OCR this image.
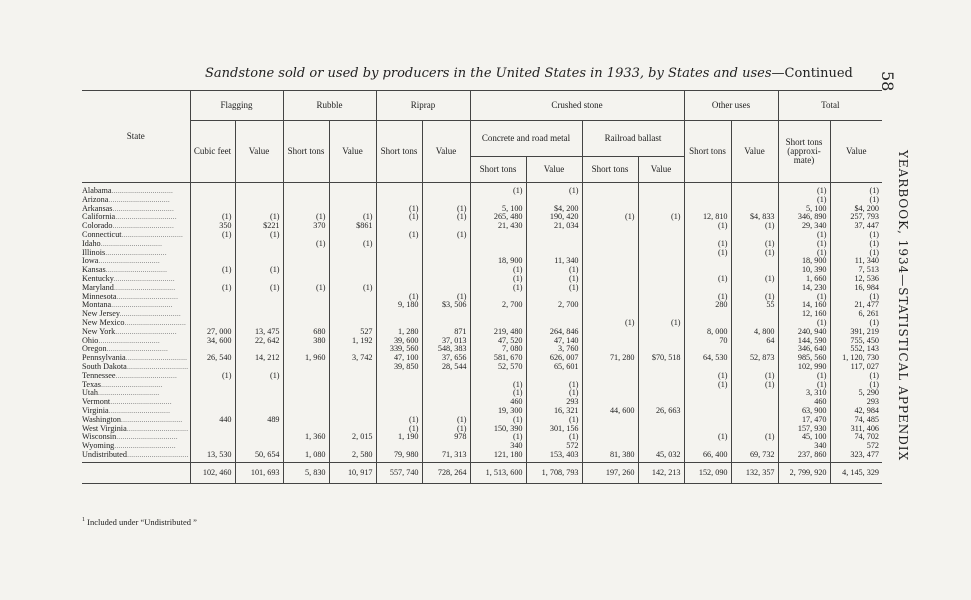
Sandstone sold or used by producers in the United States in 1933, by States and uses—Continued 58
YEARBOOK, 1934—STATISTICAL APPENDIX
State	Flagging		Rubble		Riprap		Crushed stone				Other uses		Total	
	Cubic feet	Value	Short tons	Value	Short tons	Value	Concrete and road metal		Railroad ballast		Short tons	Value	Short tons (approximate)	Value
							Short tons	Value	Short tons	Value				
Alabama..............................							(1)	(1)					(1)	(1)
Arizona..............................													(1)	(1)
Arkansas..............................					(1)	(1)	5, 100	$4, 200					5, 100	$4, 200
California..............................	(1)	(1)	(1)	(1)	(1)	(1)	265, 480	190, 420	(1)	(1)	12, 810	$4, 833	346, 890	257, 793
Colorado..............................	350	$221	370	$861			21, 430	21, 034			(1)	(1)	29, 340	37, 447
Connecticut..............................	(1)	(1)			(1)	(1)							(1)	(1)
Idaho..............................			(1)	(1)							(1)	(1)	(1)	(1)
Illinois..............................											(1)	(1)	(1)	(1)
Iowa..............................							18, 900	11, 340					18, 900	11, 340
Kansas..............................	(1)	(1)					(1)	(1)					10, 390	7, 513
Kentucky..............................							(1)	(1)			(1)	(1)	1, 660	12, 536
Maryland..............................	(1)	(1)	(1)	(1)			(1)	(1)					14, 230	16, 984
Minnesota..............................					(1)	(1)					(1)	(1)	(1)	(1)
Montana..............................					9, 180	$3, 506	2, 700	2, 700			280	55	14, 160	21, 477
New Jersey..............................													12, 160	6, 261
New Mexico..............................									(1)	(1)			(1)	(1)
New York..............................	27, 000	13, 475	680	527	1, 280	871	219, 480	264, 846			8, 000	4, 800	240, 940	391, 219
Ohio..............................	34, 600	22, 642	380	1, 192	39, 600	37, 013	47, 520	47, 140			70	64	144, 590	755, 450
Oregon..............................					339, 560	548, 383	7, 080	3, 760					346, 640	552, 143
Pennsylvania..............................	26, 540	14, 212	1, 960	3, 742	47, 100	37, 656	581, 670	626, 007	71, 280	$70, 518	64, 530	52, 873	985, 560	1, 120, 730
South Dakota..............................					39, 850	28, 544	52, 570	65, 601					102, 990	117, 027
Tennessee..............................	(1)	(1)									(1)	(1)	(1)	(1)
Texas..............................							(1)	(1)			(1)	(1)	(1)	(1)
Utah..............................							(1)	(1)					3, 310	5, 290
Vermont..............................							460	293					460	293
Virginia..............................							19, 300	16, 321	44, 600	26, 663			63, 900	42, 984
Washington..............................	440	489			(1)	(1)	(1)	(1)					17, 470	74, 485
West Virginia..............................					(1)	(1)	150, 390	301, 156					157, 930	311, 406
Wisconsin..............................			1, 360	2, 015	1, 190	978	(1)	(1)			(1)	(1)	45, 100	74, 702
Wyoming..............................							340	572					340	572
Undistributed..............................	13, 530	50, 654	1, 080	2, 580	79, 980	71, 313	121, 180	153, 403	81, 380	45, 032	66, 400	69, 732	237, 860	323, 477
	102, 460	101, 693	5, 830	10, 917	557, 740	728, 264	1, 513, 600	1, 708, 793	197, 260	142, 213	152, 090	132, 357	2, 799, 920	4, 145, 329
$^1$ Included under “Undistributed ”
